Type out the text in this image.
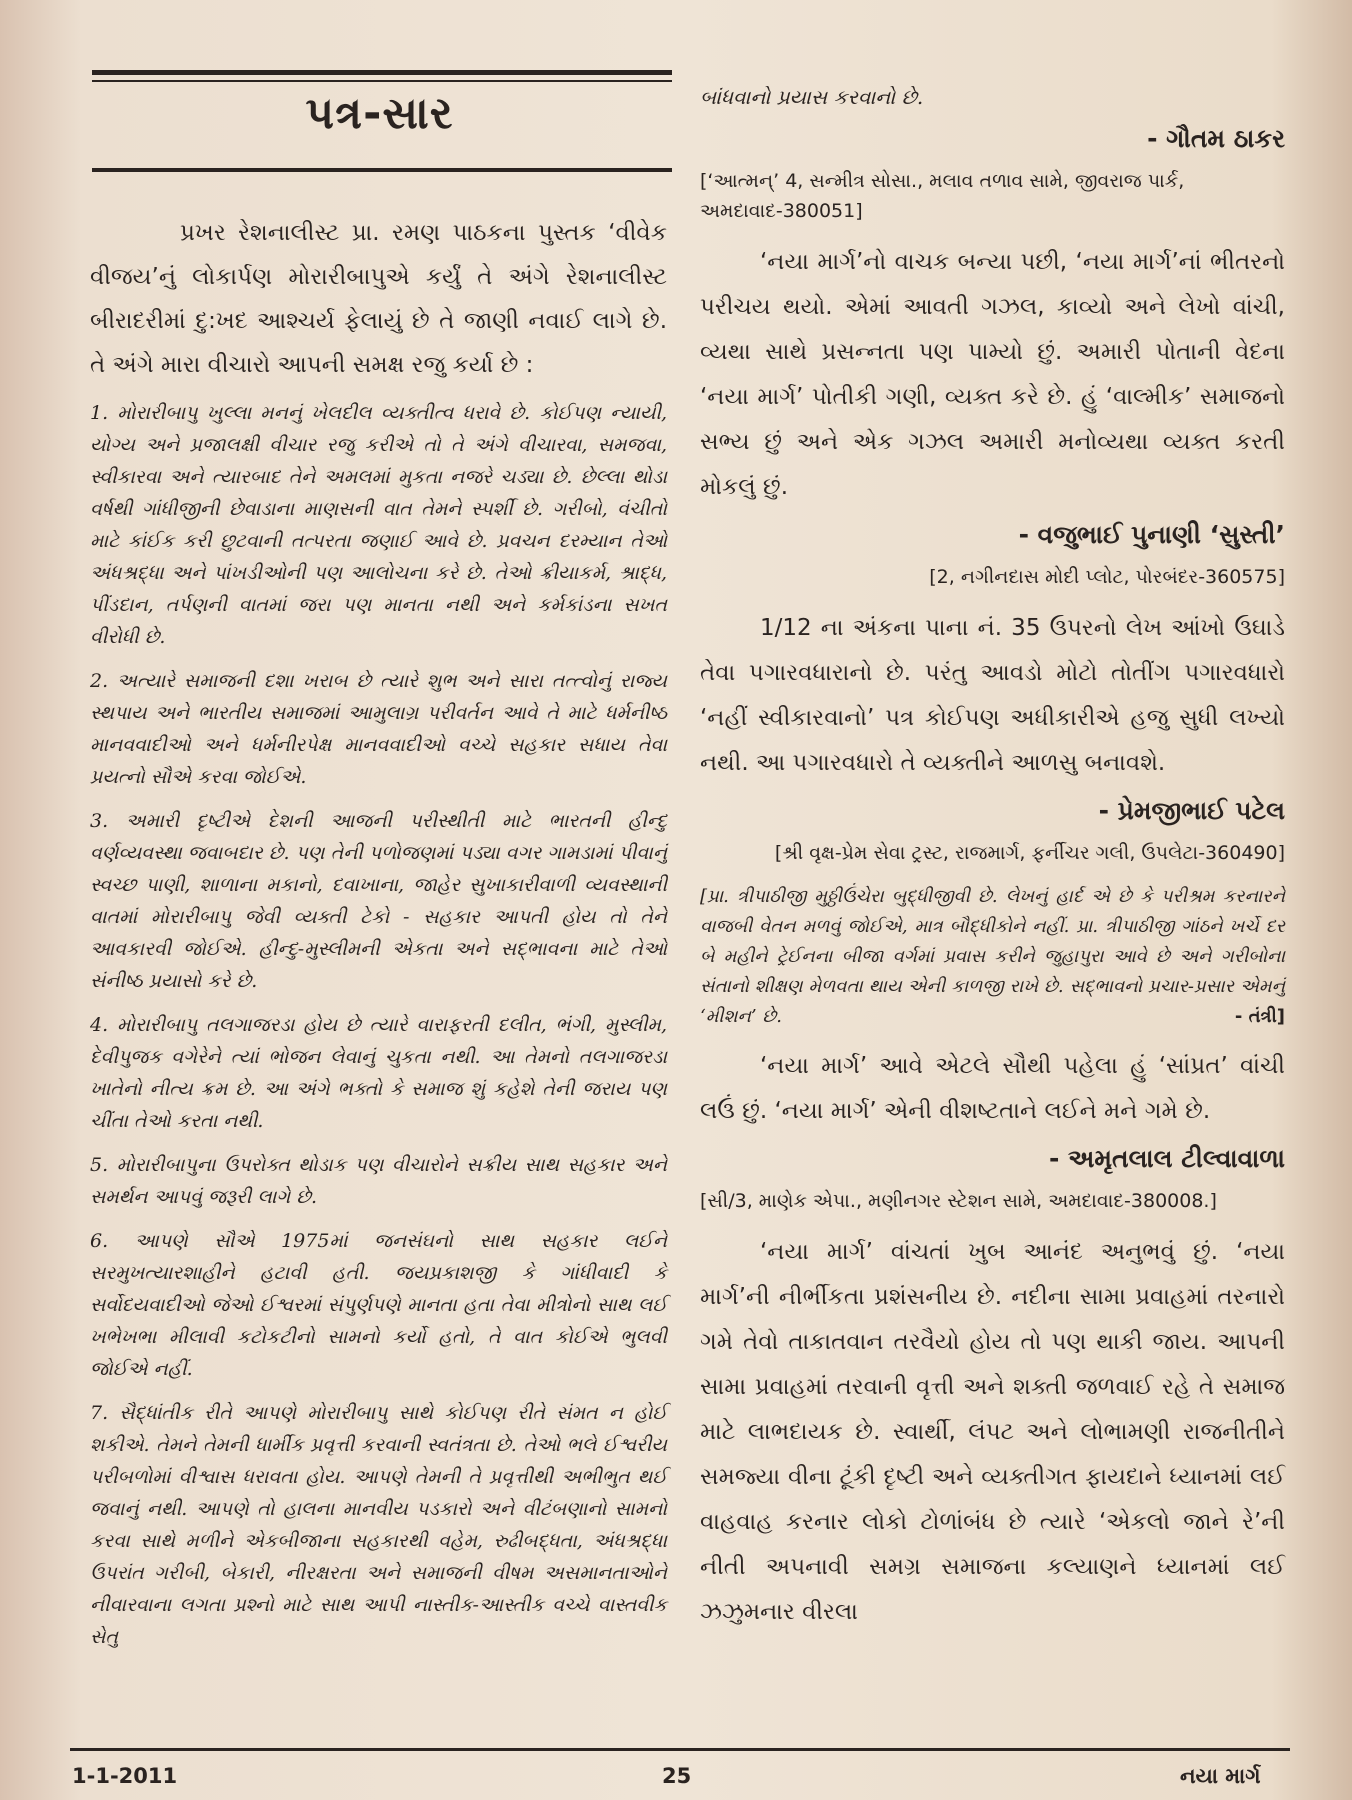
પત્ર-સાર

પ્રખર રેશનાલીસ્ટ પ્રા. રમણ પાઠકના પુસ્તક ‘વીવેક વીજય’નું લોકાર્પણ મોરારીબાપુએ કર્યું તે અંગે રેશનાલીસ્ટ બીરાદરીમાં દુ:ખદ આશ્ચર્ય ફેલાયું છે તે જાણી નવાઈ લાગે છે. તે અંગે મારા વીચારો આપની સમક્ષ રજુ કર્યા છે :

1. મોરારીબાપુ ખુલ્લા મનનું ખેલદીલ વ્યક્તીત્વ ધરાવે છે. કોઈપણ ન્યાયી, યોગ્ય અને પ્રજાલક્ષી વીચાર રજુ કરીએ તો તે અંગે વીચારવા, સમજવા, સ્વીકારવા અને ત્યારબાદ તેને અમલમાં મુકતા નજરે ચડ્યા છે. છેલ્લા થોડા વર્ષથી ગાંધીજીની છેવાડાના માણસની વાત તેમને સ્પર્શી છે. ગરીબો, વંચીતો માટે કાંઈક કરી છુટવાની તત્પરતા જણાઈ આવે છે. પ્રવચન દરમ્યાન તેઓ અંધશ્રદ્ધા અને પાંખડીઓની પણ આલોચના કરે છે. તેઓ ક્રીયાકર્મ, શ્રાદ્ધ, પીંડદાન, તર્પણની વાતમાં જરા પણ માનતા નથી અને કર્મકાંડના સખત વીરોધી છે.

2. અત્યારે સમાજની દશા ખરાબ છે ત્યારે શુભ અને સારા તત્ત્વોનું રાજ્ય સ્થપાય અને ભારતીય સમાજમાં આમુલાગ્ર પરીવર્તન આવે તે માટે ધર્મનીષ્ઠ માનવવાદીઓ અને ધર્મનીરપેક્ષ માનવવાદીઓ વચ્ચે સહકાર સધાય તેવા પ્રયત્નો સૌએ કરવા જોઈએ.

3. અમારી દૃષ્ટીએ દેશની આજની પરીસ્થીતી માટે ભારતની હીન્દુ વર્ણવ્યવસ્થા જવાબદાર છે. પણ તેની પળોજણમાં પડ્યા વગર ગામડામાં પીવાનું સ્વચ્છ પાણી, શાળાના મકાનો, દવાખાના, જાહેર સુખાકારીવાળી વ્યવસ્થાની વાતમાં મોરારીબાપુ જેવી વ્યક્તી ટેકો - સહકાર આપતી હોય તો તેને આવકારવી જોઈએ. હીન્દુ-મુસ્લીમની એકતા અને સદ્ભાવના માટે તેઓ સંનીષ્ઠ પ્રયાસો કરે છે.

4. મોરારીબાપુ તલગાજરડા હોય છે ત્યારે વારાફરતી દલીત, ભંગી, મુસ્લીમ, દેવીપુજક વગેરેને ત્યાં ભોજન લેવાનું ચુકતા નથી. આ તેમનો તલગાજરડા ખાતેનો નીત્ય ક્રમ છે. આ અંગે ભક્તો કે સમાજ શું કહેશે તેની જરાય પણ ચીંતા તેઓ કરતા નથી.

5. મોરારીબાપુના ઉપરોક્ત થોડાક પણ વીચારોને સક્રીય સાથ સહકાર અને સમર્થન આપવું જરૂરી લાગે છે.

6. આપણે સૌએ 1975માં જનસંઘનો સાથ સહકાર લઈને સરમુખત્યારશાહીને હટાવી હતી. જયપ્રકાશજી કે ગાંધીવાદી કે સર્વોદયવાદીઓ જેઓ ઈશ્વરમાં સંપુર્ણપણે માનતા હતા તેવા મીત્રોનો સાથ લઈ ખભેખભા મીલાવી કટોકટીનો સામનો કર્યો હતો, તે વાત કોઈએ ભુલવી જોઈએ નહીં.

7. સૈદ્ધાંતીક રીતે આપણે મોરારીબાપુ સાથે કોઈપણ રીતે સંમત ન હોઈ શકીએ. તેમને તેમની ધાર્મીક પ્રવૃત્તી કરવાની સ્વતંત્રતા છે. તેઓ ભલે ઈશ્વરીય પરીબળોમાં વીશ્વાસ ધરાવતા હોય. આપણે તેમની તે પ્રવૃત્તીથી અભીભુત થઈ જવાનું નથી. આપણે તો હાલના માનવીય પડકારો અને વીટંબણાનો સામનો કરવા સાથે મળીને એકબીજાના સહકારથી વહેમ, રુઢીબદ્ધતા, અંધશ્રદ્ધા ઉપરાંત ગરીબી, બેકારી, નીરક્ષરતા અને સમાજની વીષમ અસમાનતાઓને નીવારવાના લગતા પ્રશ્નો માટે સાથ આપી નાસ્તીક-આસ્તીક વચ્ચે વાસ્તવીક સેતુ

બાંધવાનો પ્રયાસ કરવાનો છે.

- ગૌતમ ઠાકર
[‘આત્મન્’ 4, સન્મીત્ર સોસા., મલાવ તળાવ સામે, જીવરાજ પાર્ક, અમદાવાદ-380051]

‘નયા માર્ગ’નો વાચક બન્યા પછી, ‘નયા માર્ગ’નાં ભીતરનો પરીચય થયો. એમાં આવતી ગઝલ, કાવ્યો અને લેખો વાંચી, વ્યથા સાથે પ્રસન્નતા પણ પામ્યો છું. અમારી પોતાની વેદના ‘નયા માર્ગ’ પોતીકી ગણી, વ્યક્ત કરે છે. હું ‘વાલ્મીક’ સમાજનો સભ્ય છું અને એક ગઝલ અમારી મનોવ્યથા વ્યક્ત કરતી મોકલું છું.

- વજુભાઈ પુનાણી ‘સુસ્તી’
[2, નગીનદાસ મોદી પ્લોટ, પોરબંદર-360575]

1/12 ના અંકના પાના નં. 35 ઉપરનો લેખ આંખો ઉઘાડે તેવા પગારવધારાનો છે. પરંતુ આવડો મોટો તોતીંગ પગારવધારો ‘નહીં સ્વીકારવાનો’ પત્ર કોઈપણ અધીકારીએ હજુ સુધી લખ્યો નથી. આ પગારવધારો તે વ્યક્તીને આળસુ બનાવશે.

- પ્રેમજીભાઈ પટેલ
[શ્રી વૃક્ષ-પ્રેમ સેવા ટ્રસ્ટ, રાજમાર્ગ, ફર્નીચર ગલી, ઉપલેટા-360490]

[પ્રા. ત્રીપાઠીજી મુઠ્ઠીઉંચેરા બુદ્ધીજીવી છે. લેખનું હાર્દ એ છે કે પરીશ્રમ કરનારને વાજબી વેતન મળવું જોઈએ, માત્ર બૌદ્ધીકોને નહીં. પ્રા. ત્રીપાઠીજી ગાંઠને ખર્ચે દર બે મહીને ટ્રેઈનના બીજા વર્ગમાં પ્રવાસ કરીને જુહાપુરા આવે છે અને ગરીબોના સંતાનો શીક્ષણ મેળવતા થાય એની કાળજી રાખે છે. સદ્ભાવનો પ્રચાર-પ્રસાર એમનું ‘મીશન’ છે.	- તંત્રી]

‘નયા માર્ગ’ આવે એટલે સૌથી પહેલા હું ‘સાંપ્રત’ વાંચી લઉં છું. ‘નયા માર્ગ’ એની વીશષ્ટતાને લઈને મને ગમે છે.

- અમૃતલાલ ટીલ્વાવાળા
[સી/3, માણેક એપા., મણીનગર સ્ટેશન સામે, અમદાવાદ-380008.]

‘નયા માર્ગ’ વાંચતાં ખુબ આનંદ અનુભવું છું. ‘નયા માર્ગ’ની નીર્ભીકતા પ્રશંસનીય છે. નદીના સામા પ્રવાહમાં તરનારો ગમે તેવો તાકાતવાન તરવૈયો હોય તો પણ થાકી જાય. આપની સામા પ્રવાહમાં તરવાની વૃત્તી અને શક્તી જળવાઈ રહે તે સમાજ માટે લાભદાયક છે. સ્વાર્થી, લંપટ અને લોભામણી રાજનીતીને સમજ્યા વીના ટૂંકી દૃષ્ટી અને વ્યક્તીગત ફાયદાને ધ્યાનમાં લઈ વાહવાહ કરનાર લોકો ટોળાંબંધ છે ત્યારે ‘એકલો જાને રે’ની નીતી અપનાવી સમગ્ર સમાજના કલ્યાણને ધ્યાનમાં લઈ ઝઝુમનાર વીરલા

1-1-2011	25	નયા માર્ગ
